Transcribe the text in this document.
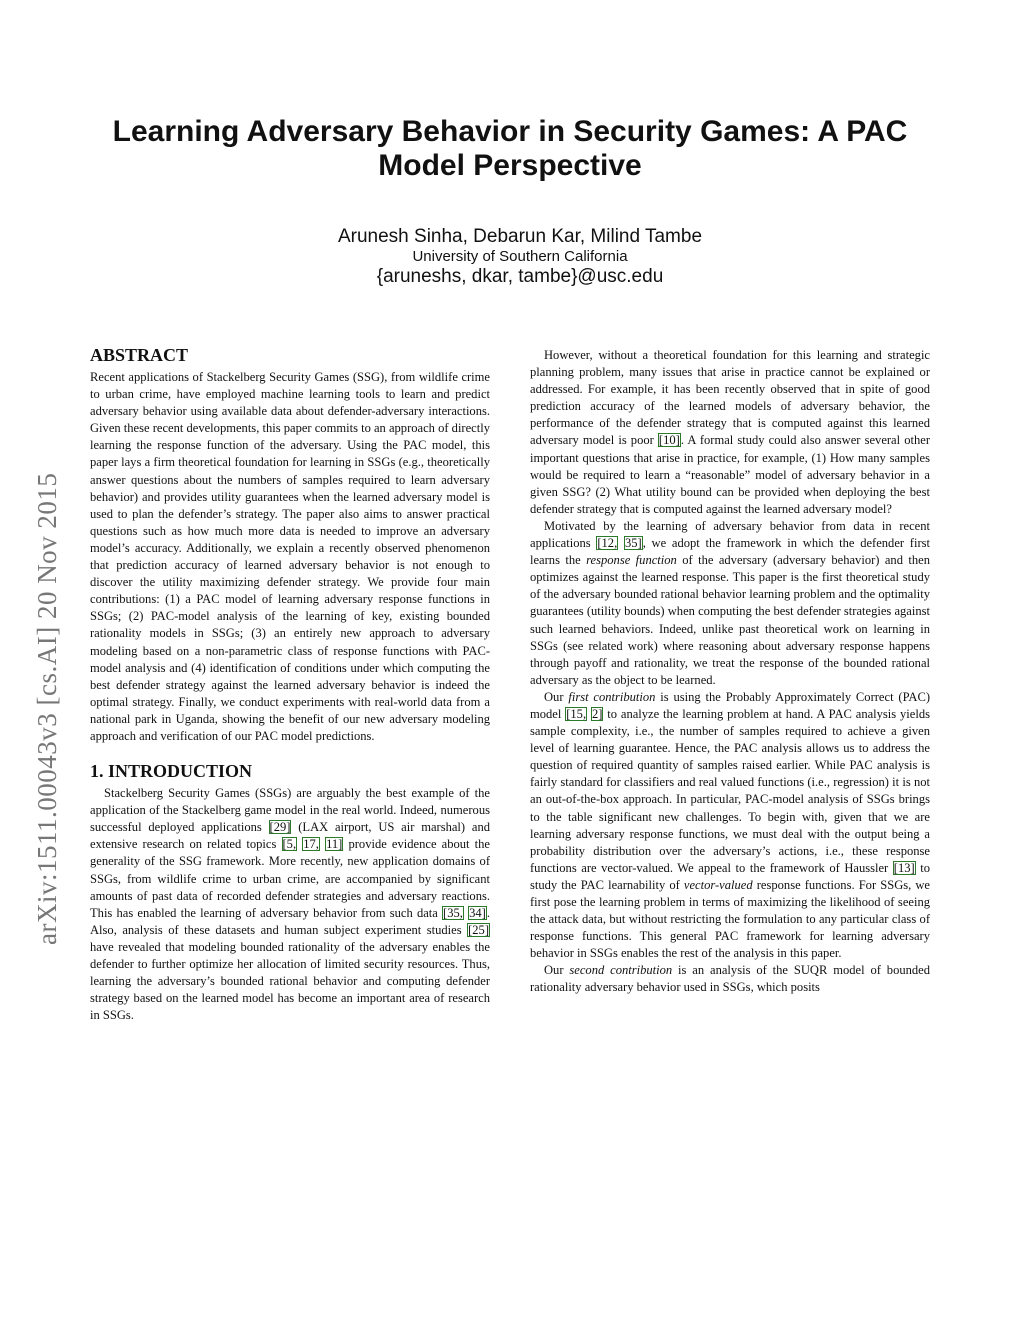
arXiv:1511.00043v3 [cs.AI] 20 Nov 2015
Learning Adversary Behavior in Security Games: A PAC
Model Perspective
Arunesh Sinha, Debarun Kar, Milind Tambe
University of Southern California
{aruneshs, dkar, tambe}@usc.edu
ABSTRACT

Recent applications of Stackelberg Security Games (SSG), from wildlife crime to urban crime, have employed machine learning tools to learn and predict adversary behavior using available data about defender-adversary interactions. Given these recent developments, this paper commits to an approach of directly learning the response function of the adversary. Using the PAC model, this paper lays a firm theoretical foundation for learning in SSGs (e.g., theoretically answer questions about the numbers of samples required to learn adversary behavior) and provides utility guarantees when the learned adversary model is used to plan the defender’s strategy. The paper also aims to answer practical questions such as how much more data is needed to improve an adversary model’s accuracy. Additionally, we explain a recently observed phenomenon that prediction accuracy of learned adversary behavior is not enough to discover the utility maximizing defender strategy. We provide four main contributions: (1) a PAC model of learning adversary response functions in SSGs; (2) PAC-model analysis of the learning of key, existing bounded rationality models in SSGs; (3) an entirely new approach to adversary modeling based on a non-parametric class of response functions with PAC-model analysis and (4) identification of conditions under which computing the best defender strategy against the learned adversary behavior is indeed the optimal strategy. Finally, we conduct experiments with real-world data from a national park in Uganda, showing the benefit of our new adversary modeling approach and verification of our PAC model predictions.

1. INTRODUCTION

Stackelberg Security Games (SSGs) are arguably the best example of the application of the Stackelberg game model in the real world. Indeed, numerous successful deployed applications [29] (LAX airport, US air marshal) and extensive research on related topics [5, 17, 11] provide evidence about the generality of the SSG framework. More recently, new application domains of SSGs, from wildlife crime to urban crime, are accompanied by significant amounts of past data of recorded defender strategies and adversary reactions. This has enabled the learning of adversary behavior from such data [35, 34]. Also, analysis of these datasets and human subject experiment studies [25] have revealed that modeling bounded rationality of the adversary enables the defender to further optimize her allocation of limited security resources. Thus, learning the adversary’s bounded rational behavior and computing defender strategy based on the learned model has become an important area of research in SSGs.

However, without a theoretical foundation for this learning and strategic planning problem, many issues that arise in practice cannot be explained or addressed. For example, it has been recently observed that in spite of good prediction accuracy of the learned models of adversary behavior, the performance of the defender strategy that is computed against this learned adversary model is poor [10]. A formal study could also answer several other important questions that arise in practice, for example, (1) How many samples would be required to learn a “reasonable” model of adversary behavior in a given SSG? (2) What utility bound can be provided when deploying the best defender strategy that is computed against the learned adversary model?

Motivated by the learning of adversary behavior from data in recent applications [12, 35], we adopt the framework in which the defender first learns the response function of the adversary (adversary behavior) and then optimizes against the learned response. This paper is the first theoretical study of the adversary bounded rational behavior learning problem and the optimality guarantees (utility bounds) when computing the best defender strategies against such learned behaviors. Indeed, unlike past theoretical work on learning in SSGs (see related work) where reasoning about adversary response happens through payoff and rationality, we treat the response of the bounded rational adversary as the object to be learned.

Our first contribution is using the Probably Approximately Correct (PAC) model [15, 2] to analyze the learning problem at hand. A PAC analysis yields sample complexity, i.e., the number of samples required to achieve a given level of learning guarantee. Hence, the PAC analysis allows us to address the question of required quantity of samples raised earlier. While PAC analysis is fairly standard for classifiers and real valued functions (i.e., regression) it is not an out-of-the-box approach. In particular, PAC-model analysis of SSGs brings to the table significant new challenges. To begin with, given that we are learning adversary response functions, we must deal with the output being a probability distribution over the adversary’s actions, i.e., these response functions are vector-valued. We appeal to the framework of Haussler [13] to study the PAC learnability of vector-valued response functions. For SSGs, we first pose the learning problem in terms of maximizing the likelihood of seeing the attack data, but without restricting the formulation to any particular class of response functions. This general PAC framework for learning adversary behavior in SSGs enables the rest of the analysis in this paper.

Our second contribution is an analysis of the SUQR model of bounded rationality adversary behavior used in SSGs, which posits
